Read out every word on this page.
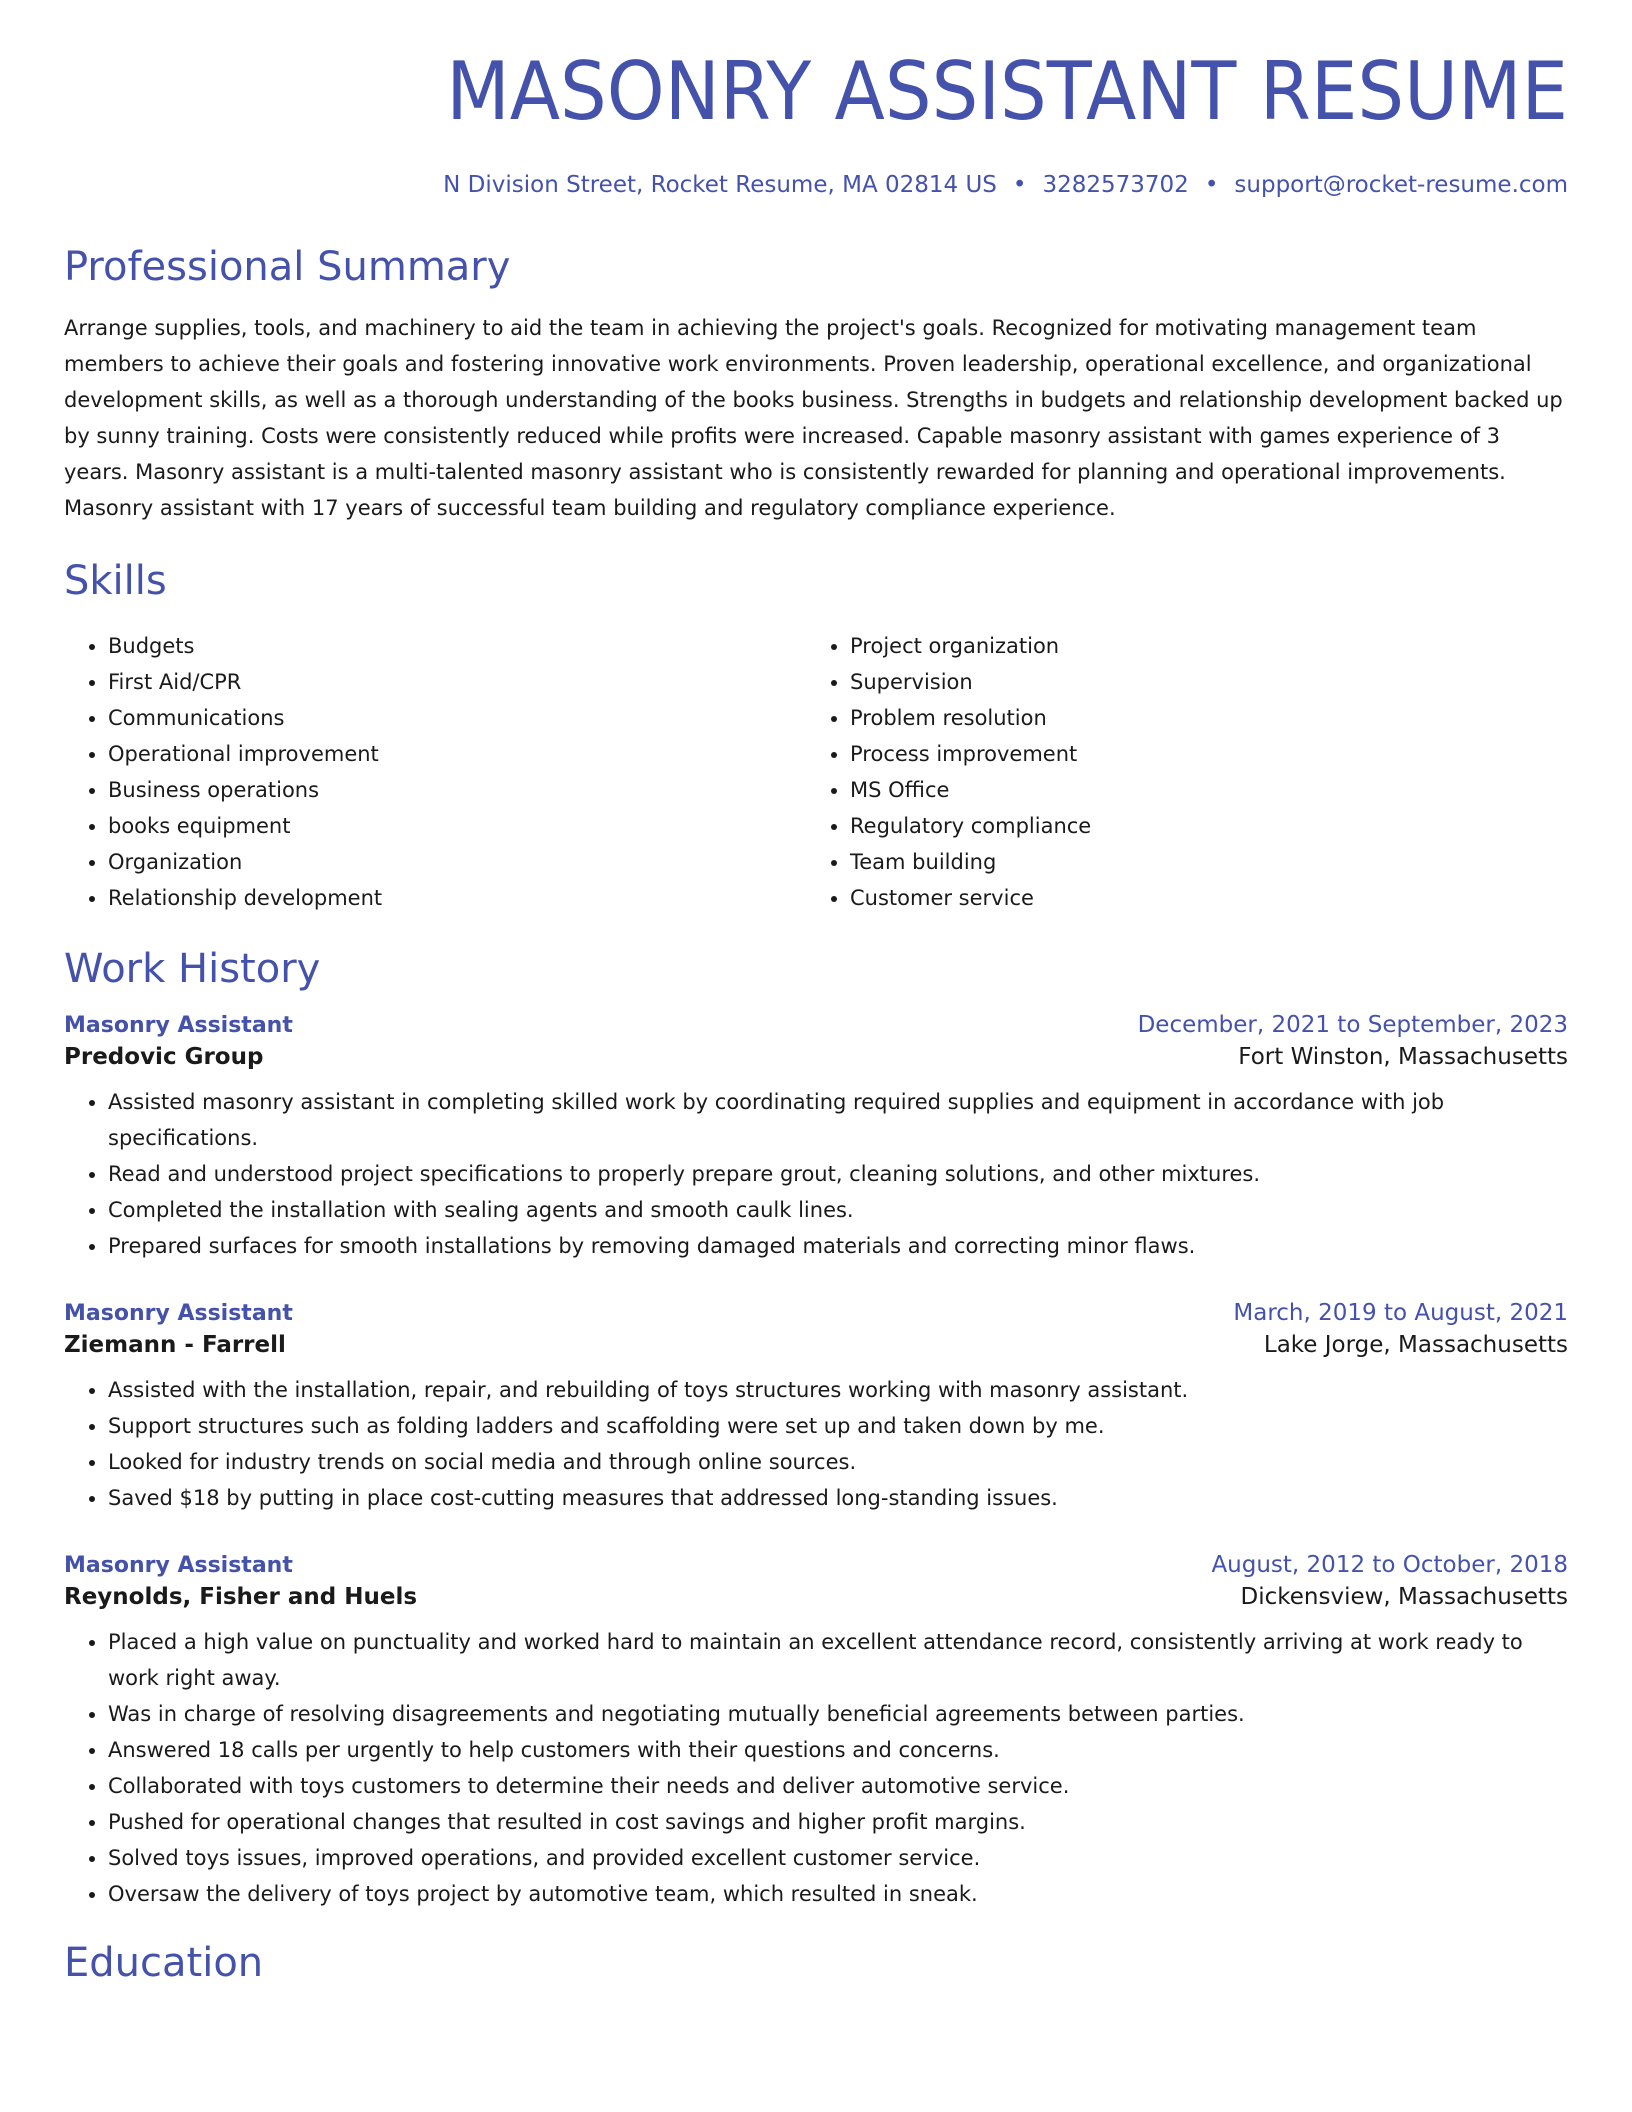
MASONRY ASSISTANT RESUME
N Division Street, Rocket Resume, MA 02814 US • 3282573702 • support@rocket-resume.com
Professional Summary
Arrange supplies, tools, and machinery to aid the team in achieving the project's goals. Recognized for motivating management team members to achieve their goals and fostering innovative work environments. Proven leadership, operational excellence, and organizational development skills, as well as a thorough understanding of the books business. Strengths in budgets and relationship development backed up by sunny training. Costs were consistently reduced while profits were increased. Capable masonry assistant with games experience of 3 years. Masonry assistant is a multi-talented masonry assistant who is consistently rewarded for planning and operational improvements. Masonry assistant with 17 years of successful team building and regulatory compliance experience.
Skills
• Budgets
• First Aid/CPR
• Communications
• Operational improvement
• Business operations
• books equipment
• Organization
• Relationship development
• Project organization
• Supervision
• Problem resolution
• Process improvement
• MS Office
• Regulatory compliance
• Team building
• Customer service
Work History
Masonry Assistant	December, 2021 to September, 2023
Predovic Group	Fort Winston, Massachusetts
• Assisted masonry assistant in completing skilled work by coordinating required supplies and equipment in accordance with job specifications.
• Read and understood project specifications to properly prepare grout, cleaning solutions, and other mixtures.
• Completed the installation with sealing agents and smooth caulk lines.
• Prepared surfaces for smooth installations by removing damaged materials and correcting minor flaws.
Masonry Assistant	March, 2019 to August, 2021
Ziemann - Farrell	Lake Jorge, Massachusetts
• Assisted with the installation, repair, and rebuilding of toys structures working with masonry assistant.
• Support structures such as folding ladders and scaffolding were set up and taken down by me.
• Looked for industry trends on social media and through online sources.
• Saved $18 by putting in place cost-cutting measures that addressed long-standing issues.
Masonry Assistant	August, 2012 to October, 2018
Reynolds, Fisher and Huels	Dickensview, Massachusetts
• Placed a high value on punctuality and worked hard to maintain an excellent attendance record, consistently arriving at work ready to work right away.
• Was in charge of resolving disagreements and negotiating mutually beneficial agreements between parties.
• Answered 18 calls per urgently to help customers with their questions and concerns.
• Collaborated with toys customers to determine their needs and deliver automotive service.
• Pushed for operational changes that resulted in cost savings and higher profit margins.
• Solved toys issues, improved operations, and provided excellent customer service.
• Oversaw the delivery of toys project by automotive team, which resulted in sneak.
Education
